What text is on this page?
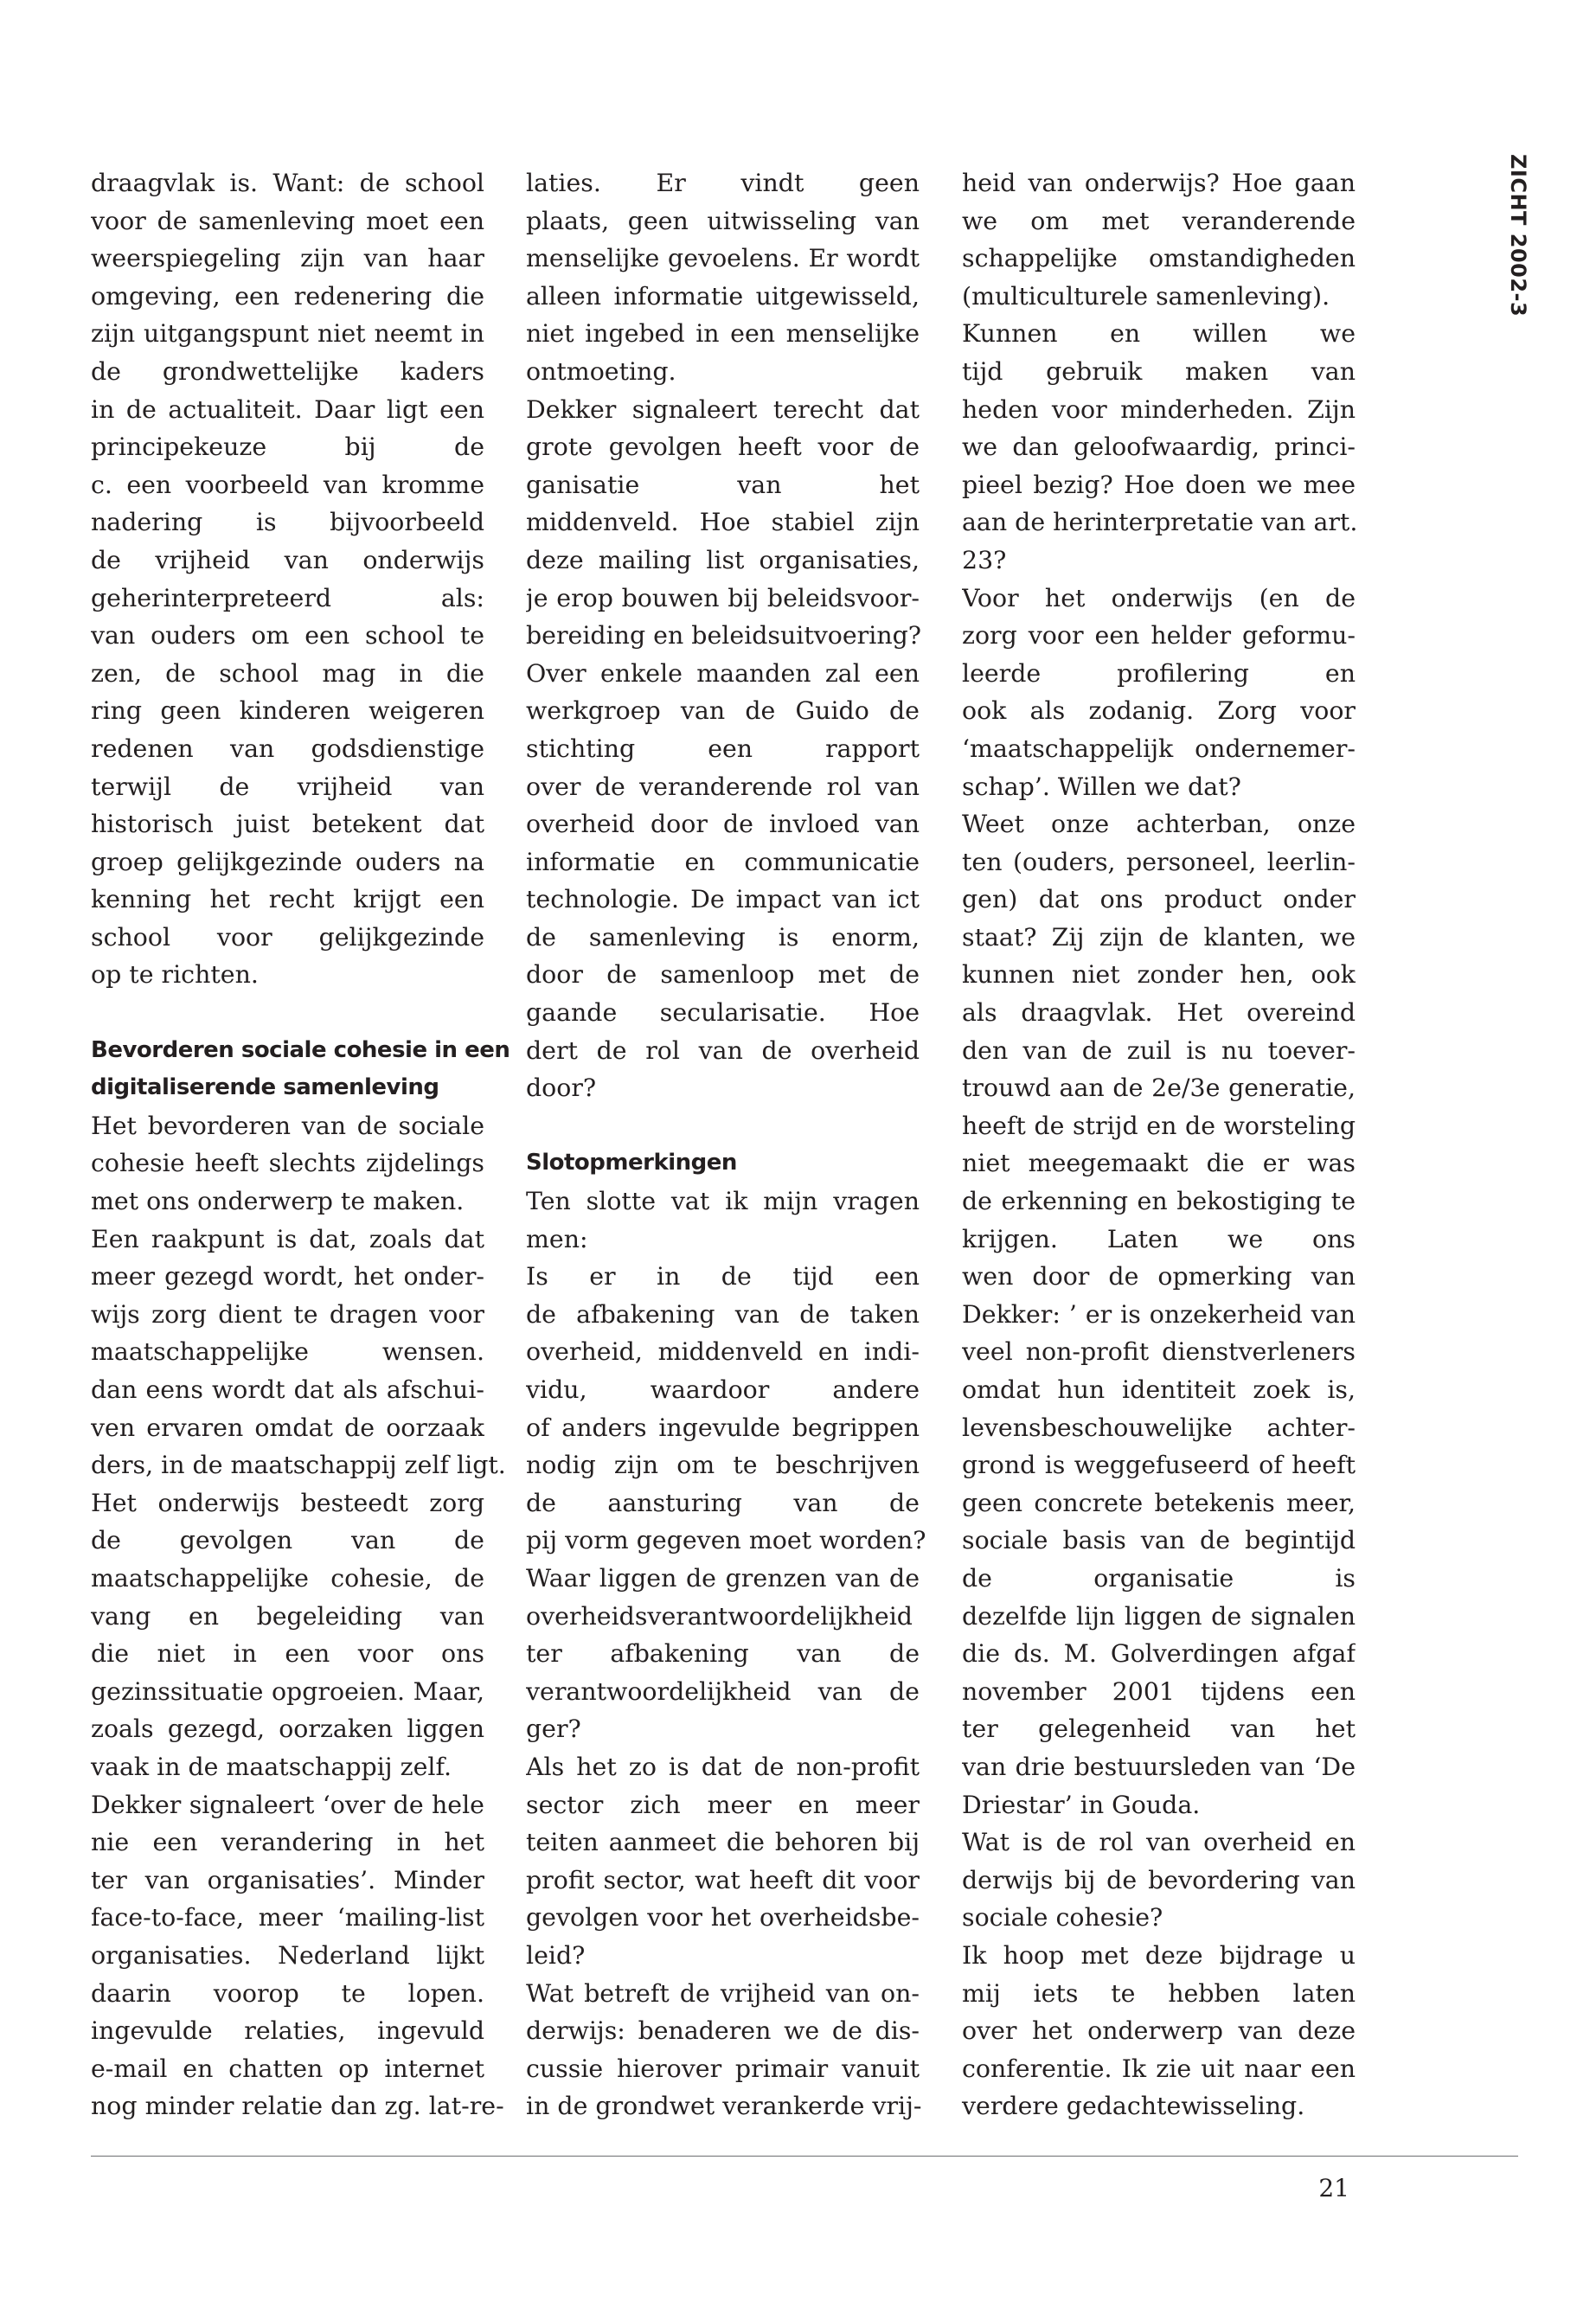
ZICHT 2002-3
draagvlak is. Want: de school
voor de samenleving moet een
weerspiegeling zijn van haar
omgeving, een redenering die
zijn uitgangspunt niet neemt in
de grondwettelijke kaders
in de actualiteit. Daar ligt een
principekeuze bij de
c. een voorbeeld van kromme
nadering is bijvoorbeeld
de vrijheid van onderwijs
geherinterpreteerd als:
van ouders om een school te
zen, de school mag in die
ring geen kinderen weigeren
redenen van godsdienstige
terwijl de vrijheid van
historisch juist betekent dat
groep gelijkgezinde ouders na
kenning het recht krijgt een
school voor gelijkgezinde
op te richten.
Bevorderen sociale cohesie in een
digitaliserende samenleving
Het bevorderen van de sociale
cohesie heeft slechts zijdelings
met ons onderwerp te maken.
Een raakpunt is dat, zoals dat
meer gezegd wordt, het onder-
wijs zorg dient te dragen voor
maatschappelijke wensen.
dan eens wordt dat als afschui-
ven ervaren omdat de oorzaak
ders, in de maatschappij zelf ligt.
Het onderwijs besteedt zorg
de gevolgen van de
maatschappelijke cohesie, de
vang en begeleiding van
die niet in een voor ons
gezinssituatie opgroeien. Maar,
zoals gezegd, oorzaken liggen
vaak in de maatschappij zelf.
Dekker signaleert ‘over de hele
nie een verandering in het
ter van organisaties’. Minder
face-to-face, meer ‘mailing-list
organisaties. Nederland lijkt
daarin voorop te lopen.
ingevulde relaties, ingevuld
e-mail en chatten op internet
nog minder relatie dan zg. lat-re-
laties. Er vindt geen
plaats, geen uitwisseling van
menselijke gevoelens. Er wordt
alleen informatie uitgewisseld,
niet ingebed in een menselijke
ontmoeting.
Dekker signaleert terecht dat
grote gevolgen heeft voor de
ganisatie van het
middenveld. Hoe stabiel zijn
deze mailing list organisaties,
je erop bouwen bij beleidsvoor-
bereiding en beleidsuitvoering?
Over enkele maanden zal een
werkgroep van de Guido de
stichting een rapport
over de veranderende rol van
overheid door de invloed van
informatie en communicatie
technologie. De impact van ict
de samenleving is enorm,
door de samenloop met de
gaande secularisatie. Hoe
dert de rol van de overheid
door?
Slotopmerkingen
Ten slotte vat ik mijn vragen
men:
Is er in de tijd een
de afbakening van de taken
overheid, middenveld en indi-
vidu, waardoor andere
of anders ingevulde begrippen
nodig zijn om te beschrijven
de aansturing van de
pij vorm gegeven moet worden?
Waar liggen de grenzen van de
overheidsverantwoordelijkheid
ter afbakening van de
verantwoordelijkheid van de
ger?
Als het zo is dat de non-profit
sector zich meer en meer
teiten aanmeet die behoren bij
profit sector, wat heeft dit voor
gevolgen voor het overheidsbe-
leid?
Wat betreft de vrijheid van on-
derwijs: benaderen we de dis-
cussie hierover primair vanuit
in de grondwet verankerde vrij-
heid van onderwijs? Hoe gaan
we om met veranderende
schappelijke omstandigheden
(multiculturele samenleving).
Kunnen en willen we
tijd gebruik maken van
heden voor minderheden. Zijn
we dan geloofwaardig, princi-
pieel bezig? Hoe doen we mee
aan de herinterpretatie van art.
23?
Voor het onderwijs (en de
zorg voor een helder geformu-
leerde profilering en
ook als zodanig. Zorg voor
‘maatschappelijk ondernemer-
schap’. Willen we dat?
Weet onze achterban, onze
ten (ouders, personeel, leerlin-
gen) dat ons product onder
staat? Zij zijn de klanten, we
kunnen niet zonder hen, ook
als draagvlak. Het overeind
den van de zuil is nu toever-
trouwd aan de 2e/3e generatie,
heeft de strijd en de worsteling
niet meegemaakt die er was
de erkenning en bekostiging te
krijgen. Laten we ons
wen door de opmerking van
Dekker: ’ er is onzekerheid van
veel non-profit dienstverleners
omdat hun identiteit zoek is,
levensbeschouwelijke achter-
grond is weggefuseerd of heeft
geen concrete betekenis meer,
sociale basis van de begintijd
de organisatie is
dezelfde lijn liggen de signalen
die ds. M. Golverdingen afgaf
november 2001 tijdens een
ter gelegenheid van het
van drie bestuursleden van ‘De
Driestar’ in Gouda.
Wat is de rol van overheid en
derwijs bij de bevordering van
sociale cohesie?
Ik hoop met deze bijdrage u
mij iets te hebben laten
over het onderwerp van deze
conferentie. Ik zie uit naar een
verdere gedachtewisseling.
21
